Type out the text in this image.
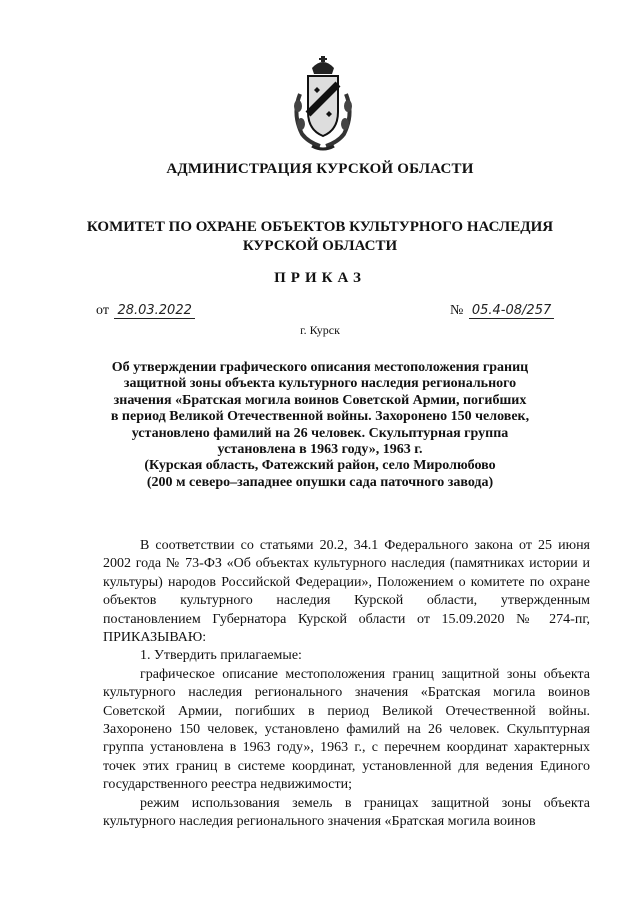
АДМИНИСТРАЦИЯ КУРСКОЙ ОБЛАСТИ
КОМИТЕТ ПО ОХРАНЕ ОБЪЕКТОВ КУЛЬТУРНОГО НАСЛЕДИЯ
КУРСКОЙ ОБЛАСТИ
ПРИКАЗ
от 28.03.2022	№ 05.4-08/257
г. Курск
Об утверждении графического описания местоположения границ
защитной зоны объекта культурного наследия регионального
значения «Братская могила воинов Советской Армии, погибших
в период Великой Отечественной войны. Захоронено 150 человек,
установлено фамилий на 26 человек. Скульптурная группа
установлена в 1963 году», 1963 г.
(Курская область, Фатежский район, село Миролюбово
(200 м северо–западнее опушки сада паточного завода)

В соответствии со статьями 20.2, 34.1 Федерального закона от 25 июня 2002 года № 73-ФЗ «Об объектах культурного наследия (памятниках истории и культуры) народов Российской Федерации», Положением о комитете по охране объектов культурного наследия Курской области, утвержденным постановлением Губернатора Курской области от 15.09.2020 № 274-пг, ПРИКАЗЫВАЮ:

1. Утвердить прилагаемые:

графическое описание местоположения границ защитной зоны объекта культурного наследия регионального значения «Братская могила воинов Советской Армии, погибших в период Великой Отечественной войны. Захоронено 150 человек, установлено фамилий на 26 человек. Скульптурная группа установлена в 1963 году», 1963 г., с перечнем координат характерных точек этих границ в системе координат, установленной для ведения Единого государственного реестра недвижимости;

режим использования земель в границах защитной зоны объекта культурного наследия регионального значения «Братская могила воинов
